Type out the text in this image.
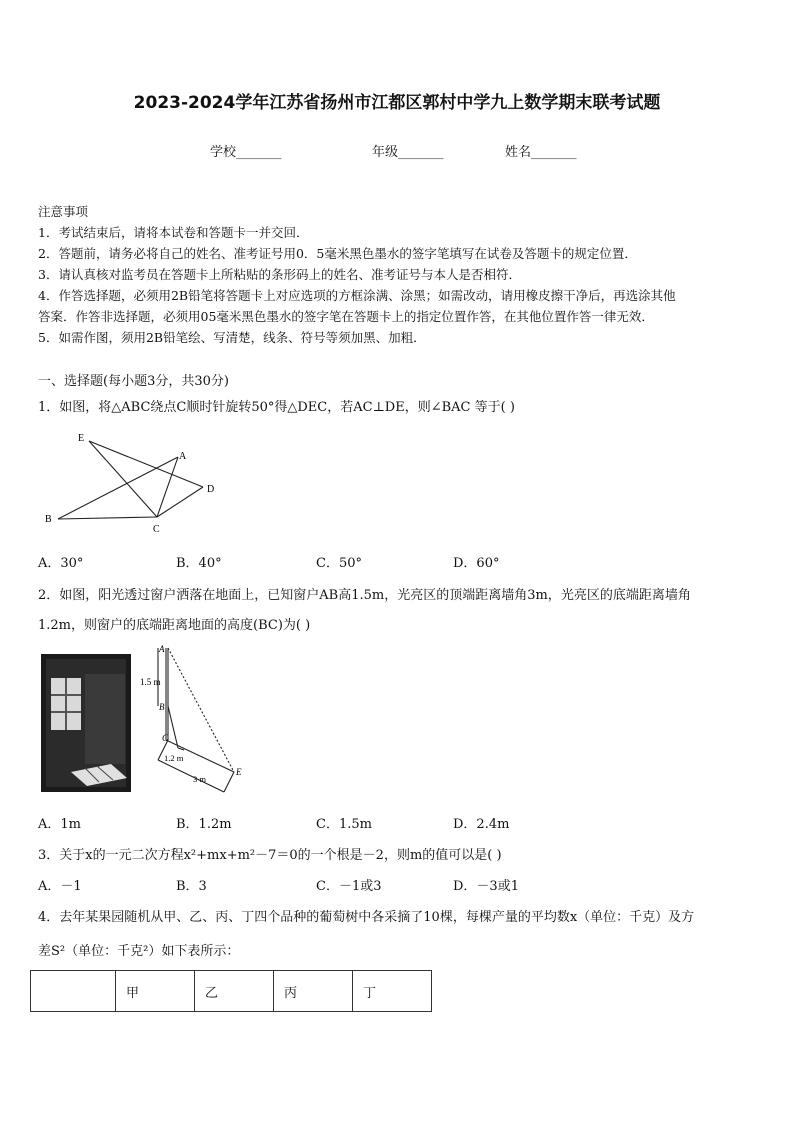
2023-2024学年江苏省扬州市江都区郭村中学九上数学期末联考试题
学校_______	年级_______	姓名_______
注意事项
1．考试结束后，请将本试卷和答题卡一并交回．
2．答题前，请务必将自己的姓名、准考证号用0．5毫米黑色墨水的签字笔填写在试卷及答题卡的规定位置．
3．请认真核对监考员在答题卡上所粘贴的条形码上的姓名、准考证号与本人是否相符．
4．作答选择题，必须用2B铅笔将答题卡上对应选项的方框涂满、涂黑；如需改动，请用橡皮擦干净后，再选涂其他
答案．作答非选择题，必须用05毫米黑色墨水的签字笔在答题卡上的指定位置作答，在其他位置作答一律无效．
5．如需作图，须用2B铅笔绘、写清楚，线条、符号等须加黑、加粗．
一、选择题(每小题3分，共30分)
1．如图，将△ABC绕点C顺时针旋转50°得△DEC，若AC⊥DE，则∠BAC 等于( )
E
A
D
B
C
A．30°	B．40°	C．50°	D．60°
2．如图，阳光透过窗户洒落在地面上，已知窗户AB高1.5m，光亮区的顶端距离墙角3m，光亮区的底端距离墙角
1.2m，则窗户的底端距离地面的高度(BC)为( )
A
1.5 m
B
C
1.2 m
3 m
E
A．1m	B．1.2m	C．1.5m	D．2.4m
3．关于x的一元二次方程x²+mx+m²－7＝0的一个根是－2，则m的值可以是( )
A．－1	B．3	C．－1或3	D．－3或1
4．去年某果园随机从甲、乙、丙、丁四个品种的葡萄树中各采摘了10棵，每棵产量的平均数x（单位：千克）及方
差S²（单位：千克²）如下表所示：
	甲	乙	丙	丁
